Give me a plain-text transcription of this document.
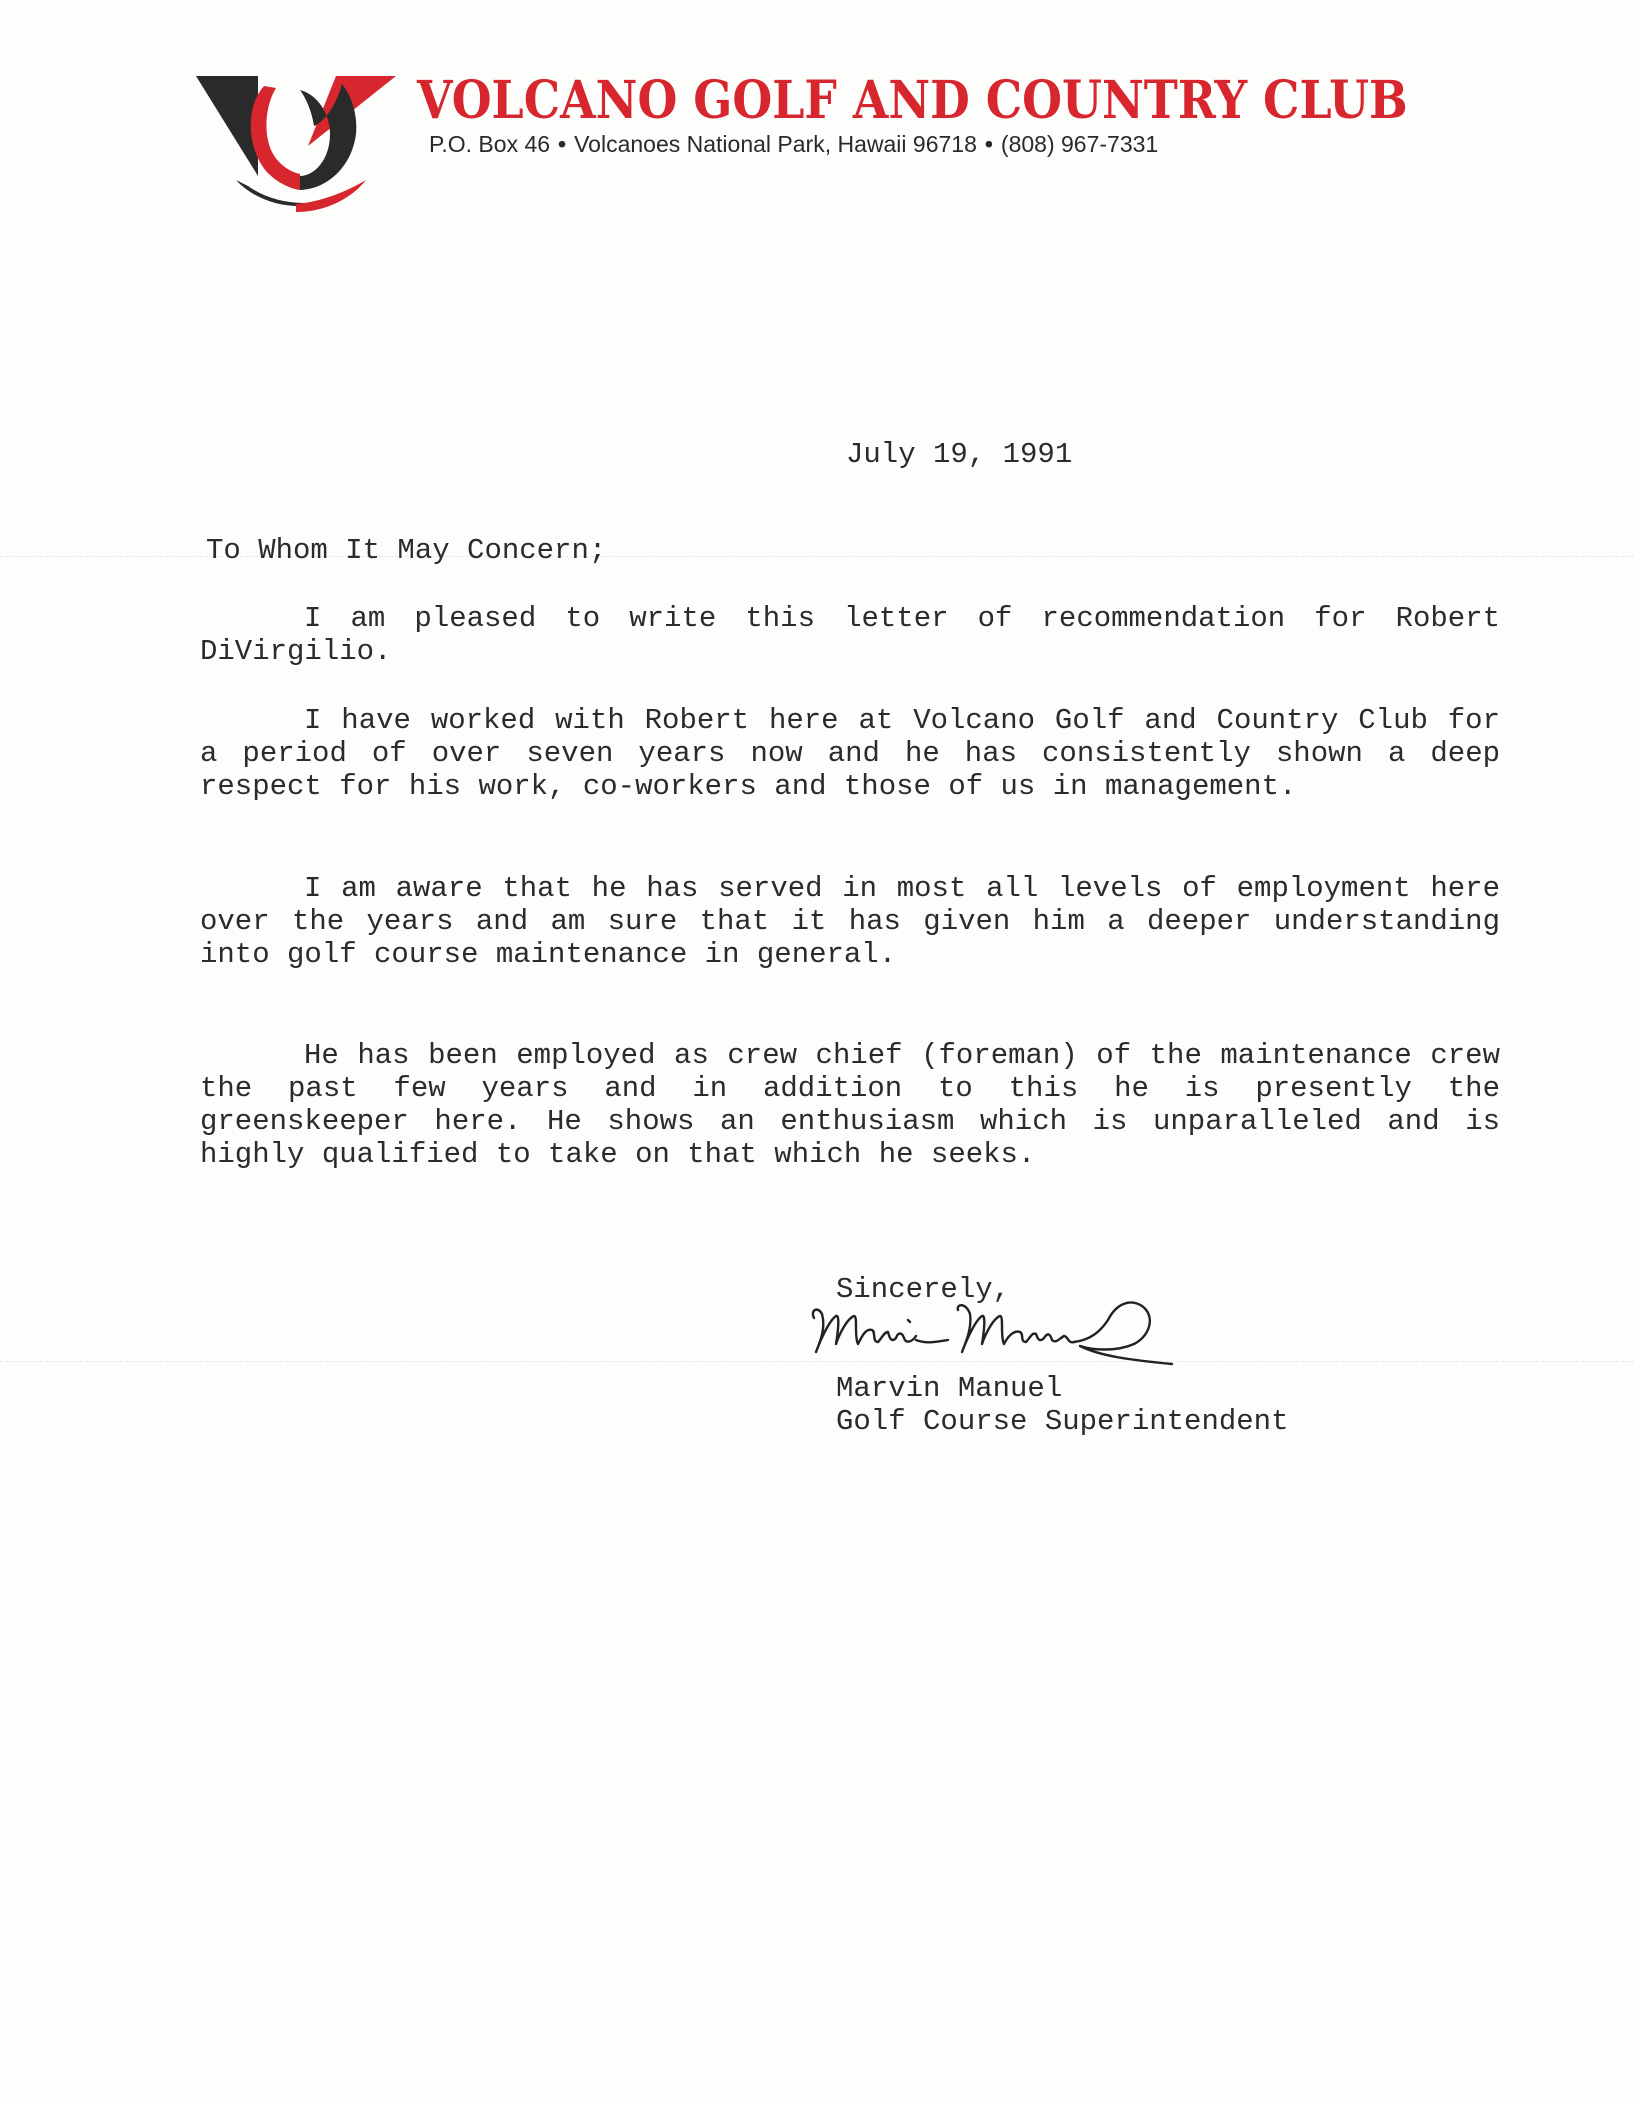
VOLCANO GOLF AND COUNTRY CLUB
P.O. Box 46 • Volcanoes National Park, Hawaii 96718 • (808) 967-7331
July 19, 1991
To Whom It May Concern;

I am pleased to write this letter of recommendation for Robert DiVirgilio.

I have worked with Robert here at Volcano Golf and Country Club for a period of over seven years now and he has consistently shown a deep respect for his work, co-workers and those of us in management.

I am aware that he has served in most all levels of employment here over the years and am sure that it has given him a deeper understanding into golf course maintenance in general.

He has been employed as crew chief (foreman) of the maintenance crew the past few years and in addition to this he is presently the greenskeeper here. He shows an enthusiasm which is unparalleled and is highly qualified to take on that which he seeks.

Sincerely,
Marvin Manuel
Golf Course Superintendent
